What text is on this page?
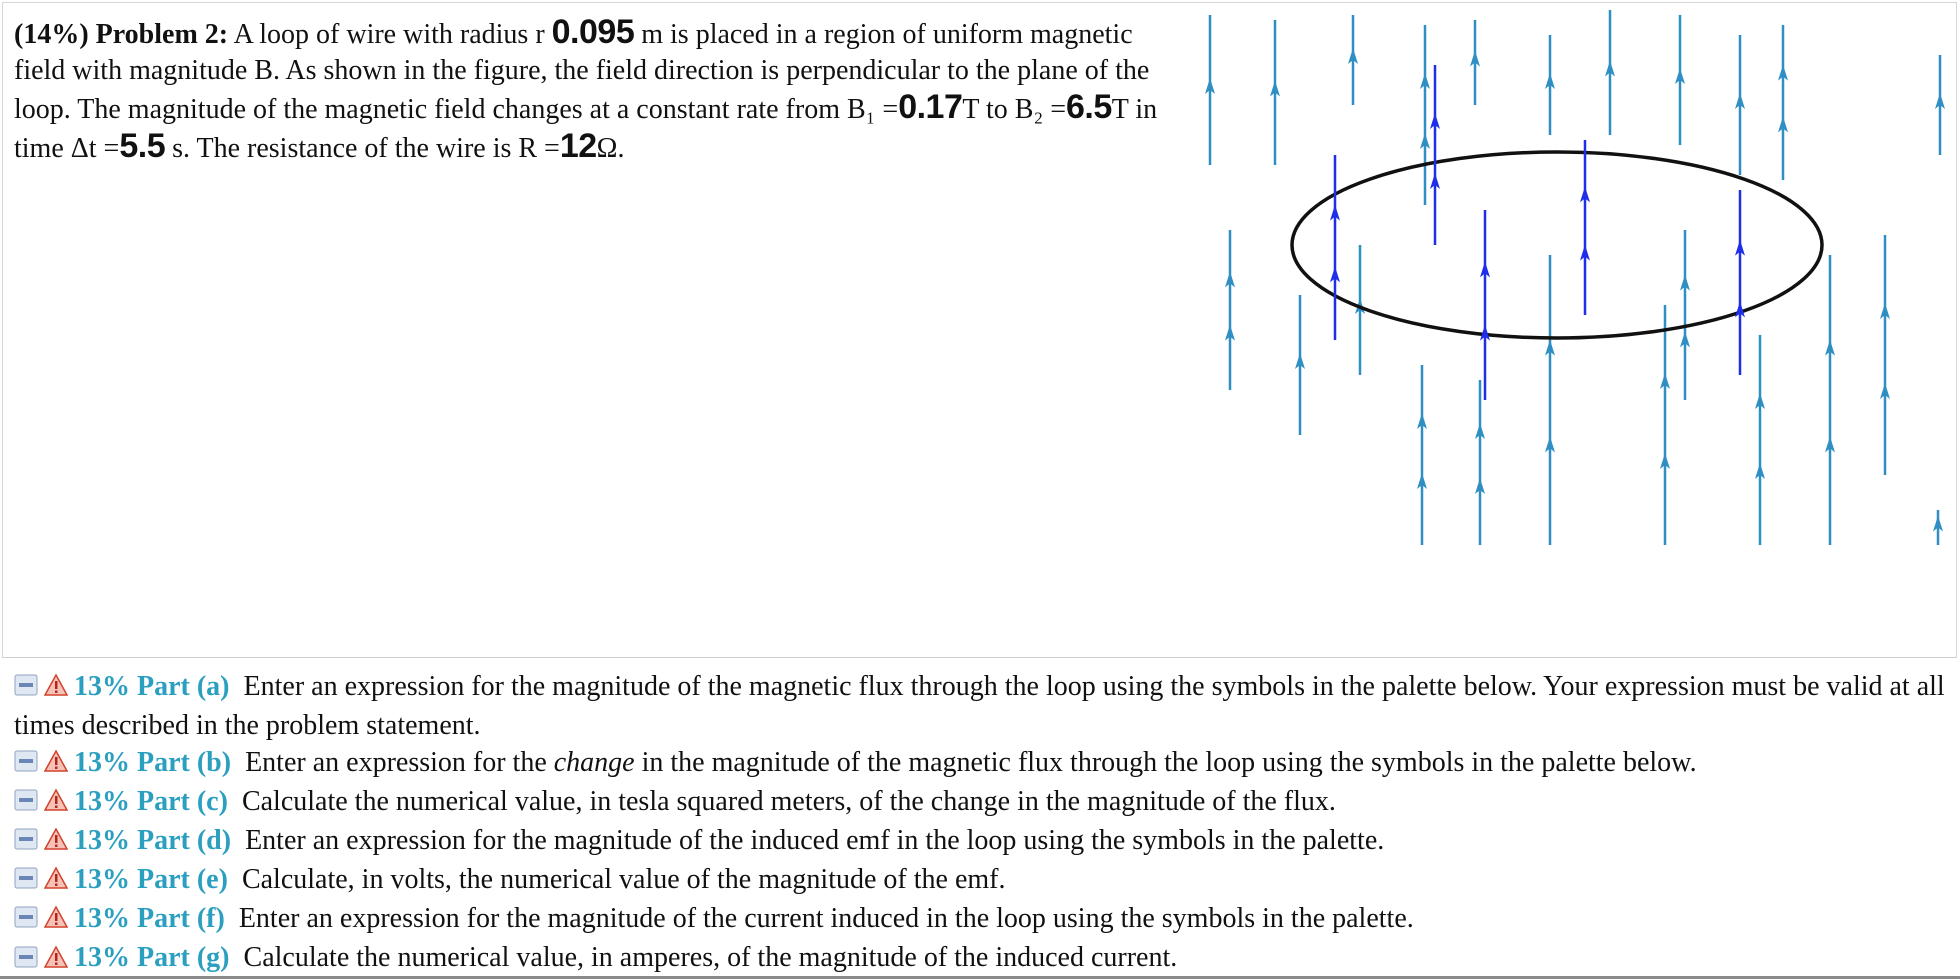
(14%) Problem 2: A loop of wire with radius r 0.095 m is placed in a region of uniform magnetic field with magnitude B. As shown in the figure, the field direction is perpendicular to the plane of the loop. The magnitude of the magnetic field changes at a constant rate from B₁ =0.17T to B₂ =6.5T in time Δt =5.5 s. The resistance of the wire is R =12Ω.
13% Part (a) Enter an expression for the magnitude of the magnetic flux through the loop using the symbols in the palette below. Your expression must be valid at all times described in the problem statement.
13% Part (b) Enter an expression for the change in the magnitude of the magnetic flux through the loop using the symbols in the palette below.
13% Part (c) Calculate the numerical value, in tesla squared meters, of the change in the magnitude of the flux.
13% Part (d) Enter an expression for the magnitude of the induced emf in the loop using the symbols in the palette.
13% Part (e) Calculate, in volts, the numerical value of the magnitude of the emf.
13% Part (f) Enter an expression for the magnitude of the current induced in the loop using the symbols in the palette.
13% Part (g) Calculate the numerical value, in amperes, of the magnitude of the induced current.
